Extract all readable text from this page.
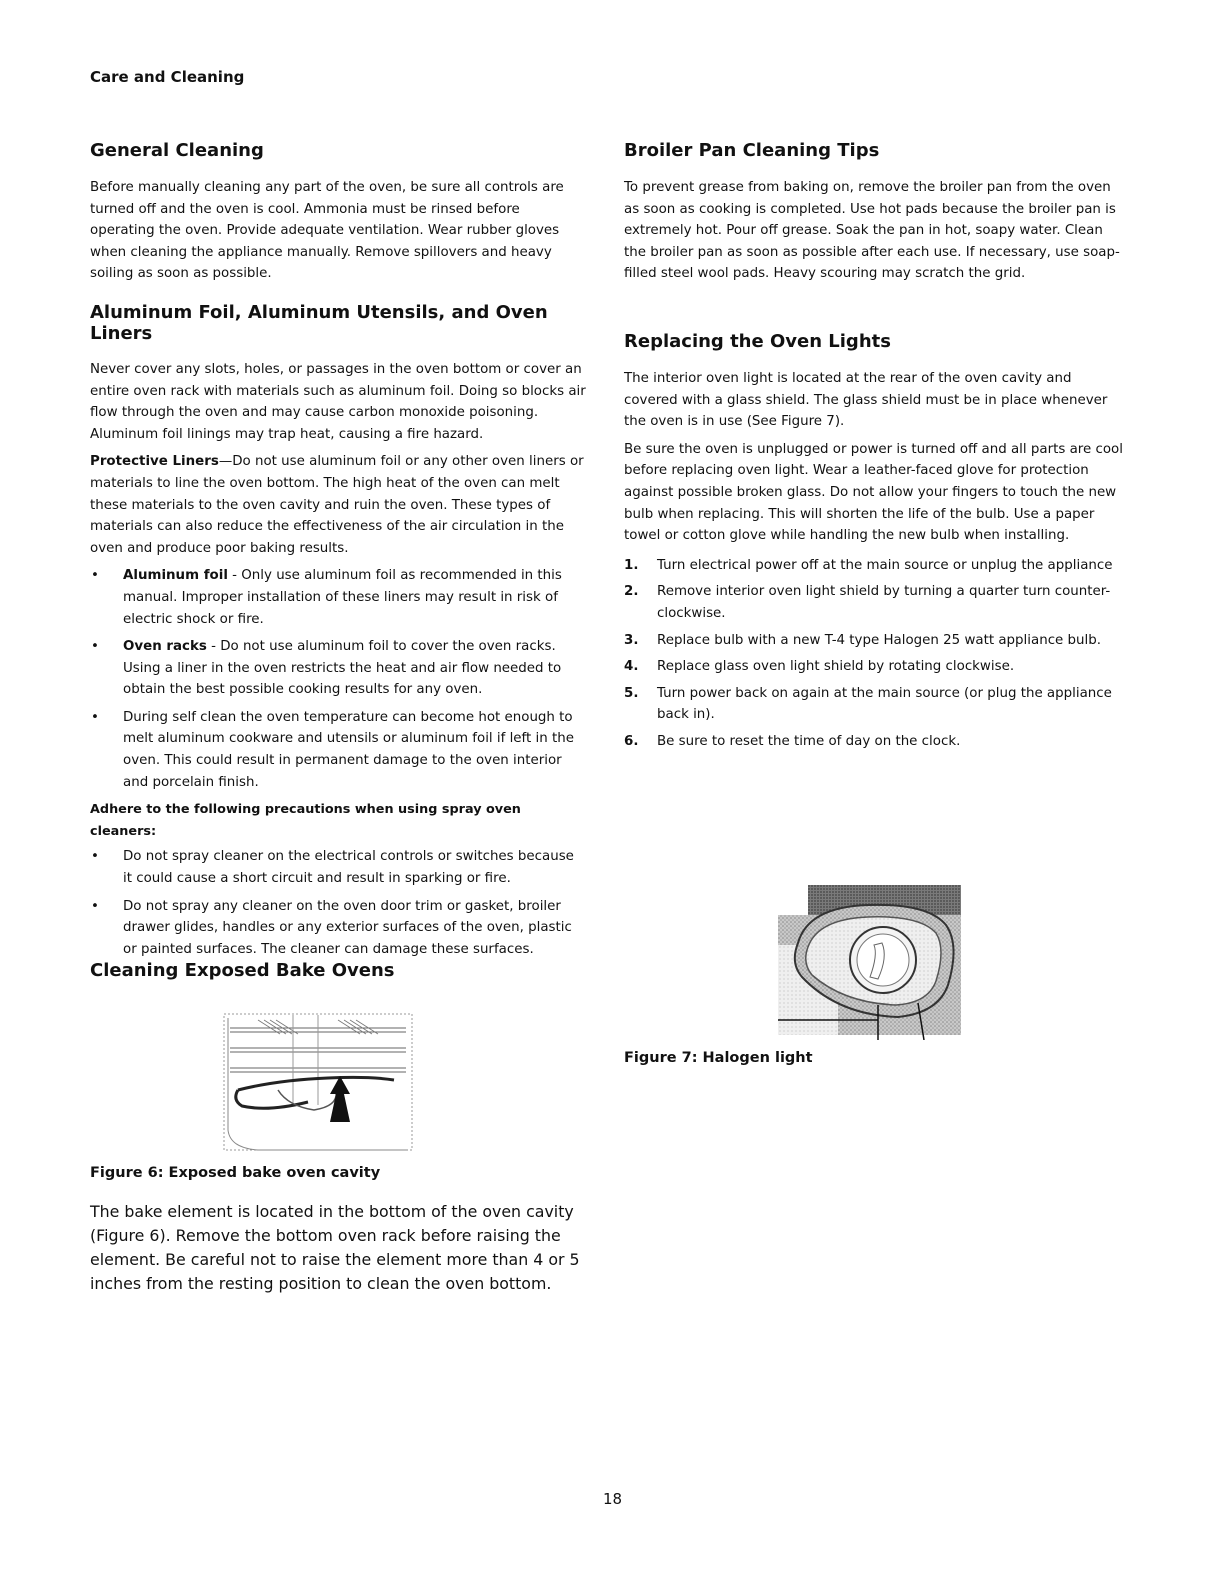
Care and Cleaning
General Cleaning

Before manually cleaning any part of the oven, be sure all controls are turned off and the oven is cool. Ammonia must be rinsed before operating the oven. Provide adequate ventilation. Wear rubber gloves when cleaning the appliance manually. Remove spillovers and heavy soiling as soon as possible.

Aluminum Foil, Aluminum Utensils, and Oven Liners

Never cover any slots, holes, or passages in the oven bottom or cover an entire oven rack with materials such as aluminum foil. Doing so blocks air flow through the oven and may cause carbon monoxide poisoning. Aluminum foil linings may trap heat, causing a fire hazard.

Protective Liners—Do not use aluminum foil or any other oven liners or materials to line the oven bottom. The high heat of the oven can melt these materials to the oven cavity and ruin the oven. These types of materials can also reduce the effectiveness of the air circulation in the oven and produce poor baking results.

• Aluminum foil - Only use aluminum foil as recommended in this manual. Improper installation of these liners may result in risk of electric shock or fire.
• Oven racks - Do not use aluminum foil to cover the oven racks. Using a liner in the oven restricts the heat and air flow needed to obtain the best possible cooking results for any oven.
• During self clean the oven temperature can become hot enough to melt aluminum cookware and utensils or aluminum foil if left in the oven. This could result in permanent damage to the oven interior and porcelain finish.

Adhere to the following precautions when using spray oven cleaners:

• Do not spray cleaner on the electrical controls or switches because it could cause a short circuit and result in sparking or fire.
• Do not spray any cleaner on the oven door trim or gasket, broiler drawer glides, handles or any exterior surfaces of the oven, plastic or painted surfaces. The cleaner can damage these surfaces.
Cleaning Exposed Bake Ovens
Figure 6: Exposed bake oven cavity

The bake element is located in the bottom of the oven cavity (Figure 6). Remove the bottom oven rack before raising the element. Be careful not to raise the element more than 4 or 5 inches from the resting position to clean the oven bottom.

Broiler Pan Cleaning Tips

To prevent grease from baking on, remove the broiler pan from the oven as soon as cooking is completed. Use hot pads because the broiler pan is extremely hot. Pour off grease. Soak the pan in hot, soapy water. Clean the broiler pan as soon as possible after each use. If necessary, use soap-filled steel wool pads. Heavy scouring may scratch the grid.

Replacing the Oven Lights

The interior oven light is located at the rear of the oven cavity and covered with a glass shield. The glass shield must be in place whenever the oven is in use (See Figure 7).

Be sure the oven is unplugged or power is turned off and all parts are cool before replacing oven light. Wear a leather-faced glove for protection against possible broken glass. Do not allow your fingers to touch the new bulb when replacing. This will shorten the life of the bulb. Use a paper towel or cotton glove while handling the new bulb when installing.

1. Turn electrical power off at the main source or unplug the appliance
2. Remove interior oven light shield by turning a quarter turn counter-clockwise.
3. Replace bulb with a new T-4 type Halogen 25 watt appliance bulb.
4. Replace glass oven light shield by rotating clockwise.
5. Turn power back on again at the main source (or plug the appliance back in).
6. Be sure to reset the time of day on the clock.
Figure 7: Halogen light
18
